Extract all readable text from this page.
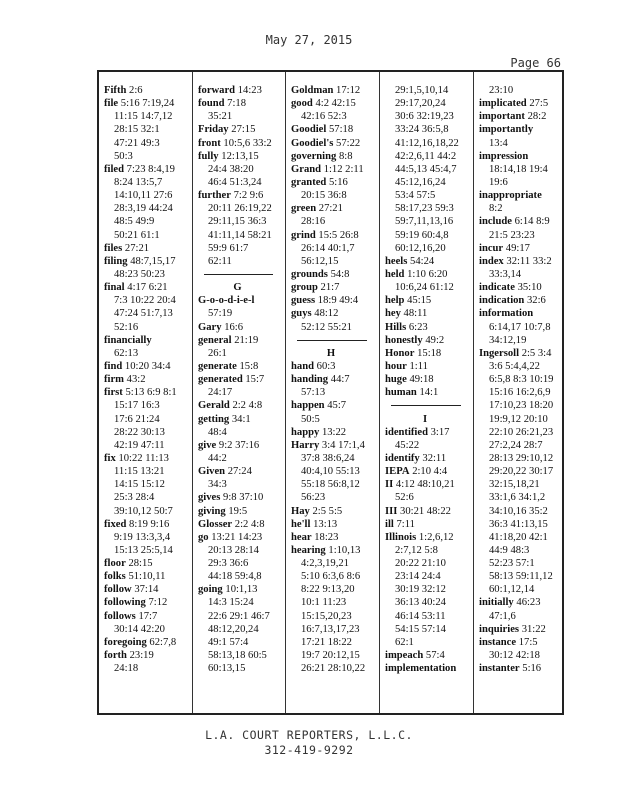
May 27, 2015
Page 66
Fifth 2:6
file 5:16 7:19,24
11:15 14:7,12
28:15 32:1
47:21 49:3
50:3
filed 7:23 8:4,19
8:24 13:5,7
14:10,11 27:6
28:3,19 44:24
48:5 49:9
50:21 61:1
files 27:21
filing 48:7,15,17
48:23 50:23
final 4:17 6:21
7:3 10:22 20:4
47:24 51:7,13
52:16
financially
62:13
find 10:20 34:4
firm 43:2
first 5:13 6:9 8:1
15:17 16:3
17:6 21:24
28:22 30:13
42:19 47:11
fix 10:22 11:13
11:15 13:21
14:15 15:12
25:3 28:4
39:10,12 50:7
fixed 8:19 9:16
9:19 13:3,3,4
15:13 25:5,14
floor 28:15
folks 51:10,11
follow 37:14
following 7:12
follows 17:7
30:14 42:20
foregoing 62:7,8
forth 23:19
24:18
forward 14:23
found 7:18
35:21
Friday 27:15
front 10:5,6 33:2
fully 12:13,15
24:4 38:20
46:4 51:3,24
further 7:2 9:6
20:11 26:19,22
29:11,15 36:3
41:11,14 58:21
59:9 61:7
62:11
G
G-o-o-d-i-e-l
57:19
Gary 16:6
general 21:19
26:1
generate 15:8
generated 15:7
24:17
Gerald 2:2 4:8
getting 34:1
48:4
give 9:2 37:16
44:2
Given 27:24
34:3
gives 9:8 37:10
giving 19:5
Glosser 2:2 4:8
go 13:21 14:23
20:13 28:14
29:3 36:6
44:18 59:4,8
going 10:1,13
14:3 15:24
22:6 29:1 46:7
48:12,20,24
49:1 57:4
58:13,18 60:5
60:13,15
Goldman 17:12
good 4:2 42:15
42:16 52:3
Goodiel 57:18
Goodiel's 57:22
governing 8:8
Grand 1:12 2:11
granted 5:16
20:15 36:8
green 27:21
28:16
grind 15:5 26:8
26:14 40:1,7
56:12,15
grounds 54:8
group 21:7
guess 18:9 49:4
guys 48:12
52:12 55:21
H
hand 60:3
handing 44:7
57:13
happen 45:7
50:5
happy 13:22
Harry 3:4 17:1,4
37:8 38:6,24
40:4,10 55:13
55:18 56:8,12
56:23
Hay 2:5 5:5
he'll 13:13
hear 18:23
hearing 1:10,13
4:2,3,19,21
5:10 6:3,6 8:6
8:22 9:13,20
10:1 11:23
15:15,20,23
16:7,13,17,23
17:21 18:22
19:7 20:12,15
26:21 28:10,22
29:1,5,10,14
29:17,20,24
30:6 32:19,23
33:24 36:5,8
41:12,16,18,22
42:2,6,11 44:2
44:5,13 45:4,7
45:12,16,24
53:4 57:5
58:17,23 59:3
59:7,11,13,16
59:19 60:4,8
60:12,16,20
heels 54:24
held 1:10 6:20
10:6,24 61:12
help 45:15
hey 48:11
Hills 6:23
honestly 49:2
Honor 15:18
hour 1:11
huge 49:18
human 14:1
I
identified 3:17
45:22
identify 32:11
IEPA 2:10 4:4
II 4:12 48:10,21
52:6
III 30:21 48:22
ill 7:11
Illinois 1:2,6,12
2:7,12 5:8
20:22 21:10
23:14 24:4
30:19 32:12
36:13 40:24
46:14 53:11
54:15 57:14
62:1
impeach 57:4
implementation
23:10
implicated 27:5
important 28:2
importantly
13:4
impression
18:14,18 19:4
19:6
inappropriate
8:2
include 6:14 8:9
21:5 23:23
incur 49:17
index 32:11 33:2
33:3,14
indicate 35:10
indication 32:6
information
6:14,17 10:7,8
34:12,19
Ingersoll 2:5 3:4
3:6 5:4,4,22
6:5,8 8:3 10:19
15:16 16:2,6,9
17:10,23 18:20
19:9,12 20:10
22:10 26:21,23
27:2,24 28:7
28:13 29:10,12
29:20,22 30:17
32:15,18,21
33:1,6 34:1,2
34:10,16 35:2
36:3 41:13,15
41:18,20 42:1
44:9 48:3
52:23 57:1
58:13 59:11,12
60:1,12,14
initially 46:23
47:1,6
inquiries 31:22
instance 17:5
30:12 42:18
instanter 5:16
L.A. COURT REPORTERS, L.L.C.
312-419-9292
